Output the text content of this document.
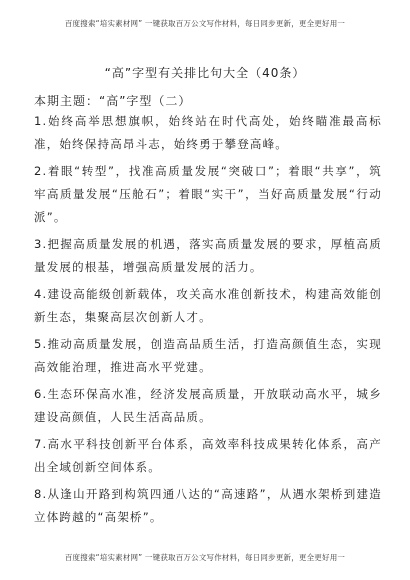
百度搜索“培实素材网” 一键获取百万公文写作材料，每日同步更新，更全更好用一
“高”字型有关排比句大全（40条）
本期主题：“高”字型（二）

1.始终高举思想旗帜，始终站在时代高处，始终瞄准最高标准，始终保持高昂斗志，始终勇于攀登高峰。

2.着眼“转型”，找准高质量发展“突破口”；着眼“共享”，筑牢高质量发展“压舱石”；着眼“实干”，当好高质量发展“行动派”。

3.把握高质量发展的机遇，落实高质量发展的要求，厚植高质量发展的根基，增强高质量发展的活力。

4.建设高能级创新载体，攻关高水准创新技术，构建高效能创新生态，集聚高层次创新人才。

5.推动高质量发展，创造高品质生活，打造高颜值生态，实现高效能治理，推进高水平党建。

6.生态环保高水准，经济发展高质量，开放联动高水平，城乡建设高颜值，人民生活高品质。

7.高水平科技创新平台体系，高效率科技成果转化体系，高产出全域创新空间体系。

8.从逢山开路到构筑四通八达的“高速路”，从遇水架桥到建造立体跨越的“高架桥”。

百度搜索“培实素材网” 一键获取百万公文写作材料，每日同步更新，更全更好用一
